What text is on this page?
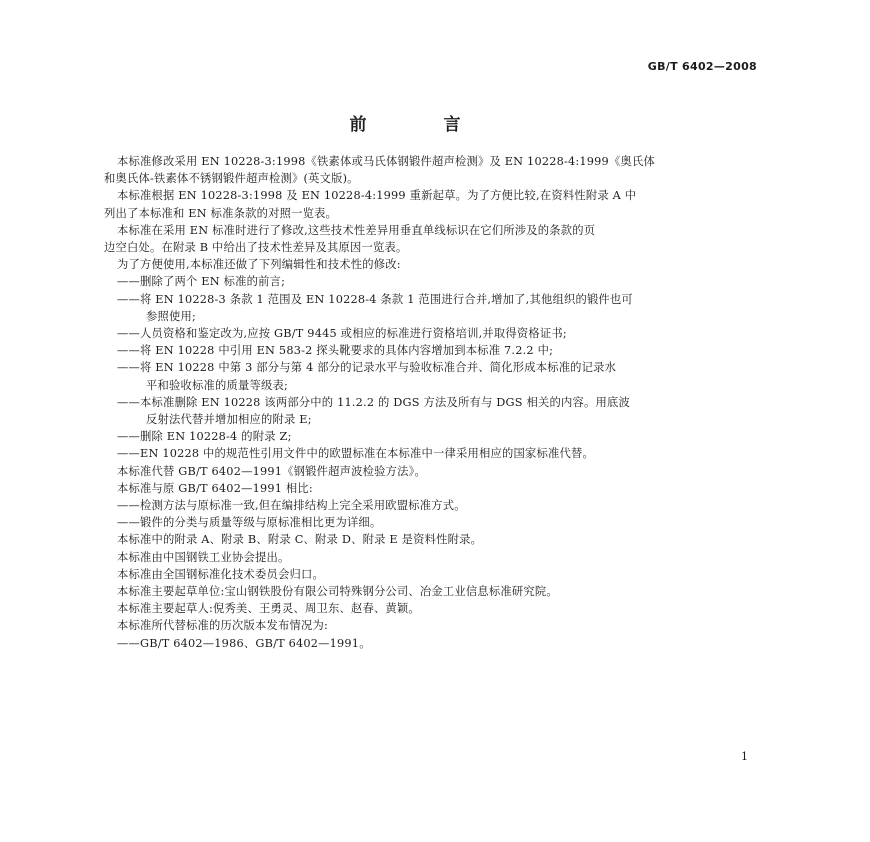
GB/T 6402—2008
前　言

本标准修改采用 EN 10228-3:1998《铁素体或马氏体钢锻件超声检测》及 EN 10228-4:1999《奥氏体

和奥氏体-铁素体不锈钢锻件超声检测》(英文版)。

本标准根据 EN 10228-3:1998 及 EN 10228-4:1999 重新起草。为了方便比较,在资料性附录 A 中

列出了本标准和 EN 标准条款的对照一览表。

本标准在采用 EN 标准时进行了修改,这些技术性差异用垂直单线标识在它们所涉及的条款的页

边空白处。在附录 B 中给出了技术性差异及其原因一览表。

为了方便使用,本标准还做了下列编辑性和技术性的修改:

——删除了两个 EN 标准的前言;

——将 EN 10228-3 条款 1 范围及 EN 10228-4 条款 1 范围进行合并,增加了,其他组织的锻件也可

参照使用;

——人员资格和鉴定改为,应按 GB/T 9445 或相应的标准进行资格培训,并取得资格证书;

——将 EN 10228 中引用 EN 583-2 探头靴要求的具体内容增加到本标准 7.2.2 中;

——将 EN 10228 中第 3 部分与第 4 部分的记录水平与验收标准合并、简化形成本标准的记录水

平和验收标准的质量等级表;

——本标准删除 EN 10228 该两部分中的 11.2.2 的 DGS 方法及所有与 DGS 相关的内容。用底波

反射法代替并增加相应的附录 E;

——删除 EN 10228-4 的附录 Z;

——EN 10228 中的规范性引用文件中的欧盟标准在本标准中一律采用相应的国家标准代替。

本标准代替 GB/T 6402—1991《钢锻件超声波检验方法》。

本标准与原 GB/T 6402—1991 相比:

——检测方法与原标准一致,但在编排结构上完全采用欧盟标准方式。

——锻件的分类与质量等级与原标准相比更为详细。

本标准中的附录 A、附录 B、附录 C、附录 D、附录 E 是资料性附录。

本标准由中国钢铁工业协会提出。

本标准由全国钢标准化技术委员会归口。

本标准主要起草单位:宝山钢铁股份有限公司特殊钢分公司、冶金工业信息标准研究院。

本标准主要起草人:倪秀美、王勇灵、周卫东、赵春、黄颖。

本标准所代替标准的历次版本发布情况为:

——GB/T 6402—1986、GB/T 6402—1991。

1
